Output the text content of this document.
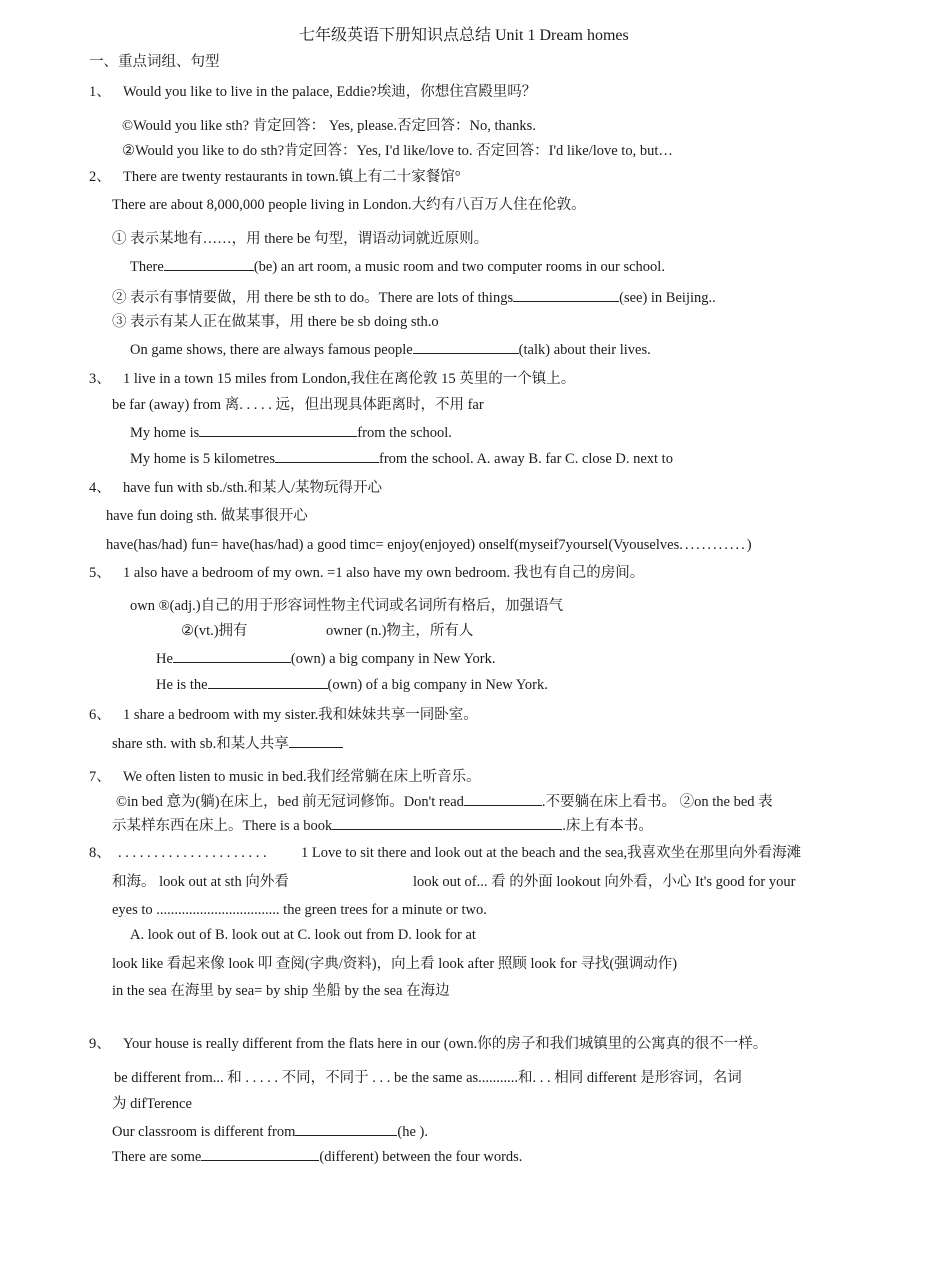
七年级英语下册知识点总结 Unit 1 Dream homes
一、重点词组、句型
1、 Would you like to live in the palace, Eddie?埃迪，你想住宫殿里吗？
©Would you like sth? 肯定回答： Yes, please.否定回答：No, thanks.
②Would you like to do sth?肯定回答：Yes, I'd like/love to. 否定回答：I'd like/love to, but…
2、 There are twenty restaurants in town.镇上有二十家餐馆°
There are about 8,000,000 people living in London.大约有八百万人住在伦敦。
① 表示某地有……，用 there be 句型，谓语动词就近原则。
There	(be) an art room, a music room and two computer rooms in our school.
② 表示有事情要做，用 there be sth to do。There are lots of things	(see) in Beijing..
③ 表示有某人正在做某事，用 there be sb doing sth.o
On game shows, there are always famous people	(talk) about their lives.
3、 1 live in a town 15 miles from London,我住在离伦敦 15 英里的一个镇上。
be far (away) from 离. . . . . 远，但出现具体距离时，不用 far
My home is	from the school.
My home is 5 kilometres	from the school. A. away B. far C. close D. next to
4、 have fun with sb./sth.和某人/某物玩得开心
have fun doing sth. 做某事很开心
have(has/had) fun= have(has/had) a good timc= enjoy(enjoyed) onself(myseif7yoursel(Vyouselves............)
5、 1 also have a bedroom of my own. =1 also have my own bedroom. 我也有自己的房间。
own ®(adj.)自己的用于形容词性物主代词或名词所有格后，加强语气
②(vt.)拥有	owner (n.)物主，所有人
He	(own) a big company in New York.
He is the	(own) of a big company in New York.
6、 1 share a bedroom with my sister.我和妹妹共享一同卧室。
share sth. with sb.和某人共享
7、 We often listen to music in bed.我们经常躺在床上听音乐。
©in bed 意为(躺)在床上，bed 前无冠词修饰。Don't read	.不要躺在床上看书。 ②on the bed 表
示某样东西在床上。There is a book	.床上有本书。
8、 . . . . . . . . . . . . . . . . . . . . . 1 Love to sit there and look out at the beach and the sea,我喜欢坐在那里向外看海滩
和海。 look out at sth 向外看	look out of... 看 的外面 lookout 向外看，小心 It's good for your
eyes to .................................. the green trees for a minute or two.
A. look out of B. look out at C. look out from D. look for at
look like 看起来像 look 叩 查阅(字典/资料)，向上看 look after 照顾 look for 寻找(强调动作)
in the sea 在海里 by sea= by ship 坐船 by the sea 在海边
9、 Your house is really different from the flats here in our (own.你的房子和我们城镇里的公寓真的很不一样。
be different from... 和 . . . . . 不同，不同于 . . . be the same as...........和. . . 相同 different 是形容词，名词
为 difTerence
Our classroom is different from	(he ).
There are some	(different) between the four words.
